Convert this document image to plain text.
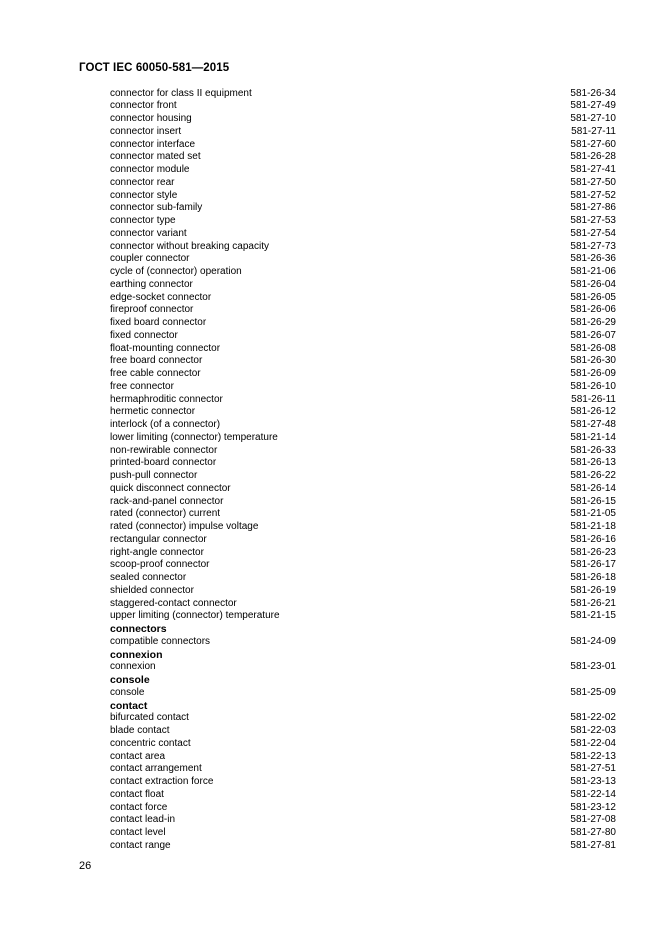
ГОСТ IEC 60050-581—2015
connector for class II equipment	581-26-34
connector front	581-27-49
connector housing	581-27-10
connector insert	581-27-11
connector interface	581-27-60
connector mated set	581-26-28
connector module	581-27-41
connector rear	581-27-50
connector style	581-27-52
connector sub-family	581-27-86
connector type	581-27-53
connector variant	581-27-54
connector without breaking capacity	581-27-73
coupler connector	581-26-36
cycle of (connector) operation	581-21-06
earthing connector	581-26-04
edge-socket connector	581-26-05
fireproof connector	581-26-06
fixed board connector	581-26-29
fixed connector	581-26-07
float-mounting connector	581-26-08
free board connector	581-26-30
free cable connector	581-26-09
free connector	581-26-10
hermaphroditic connector	581-26-11
hermetic connector	581-26-12
interlock (of a connector)	581-27-48
lower limiting (connector) temperature	581-21-14
non-rewirable connector	581-26-33
printed-board connector	581-26-13
push-pull connector	581-26-22
quick disconnect connector	581-26-14
rack-and-panel connector	581-26-15
rated (connector) current	581-21-05
rated (connector) impulse voltage	581-21-18
rectangular connector	581-26-16
right-angle connector	581-26-23
scoop-proof connector	581-26-17
sealed connector	581-26-18
shielded connector	581-26-19
staggered-contact connector	581-26-21
upper limiting (connector) temperature	581-21-15
connectors
compatible connectors	581-24-09
connexion
connexion	581-23-01
console
console	581-25-09
contact
bifurcated contact	581-22-02
blade contact	581-22-03
concentric contact	581-22-04
contact area	581-22-13
contact arrangement	581-27-51
contact extraction force	581-23-13
contact float	581-22-14
contact force	581-23-12
contact lead-in	581-27-08
contact level	581-27-80
contact range	581-27-81
26
